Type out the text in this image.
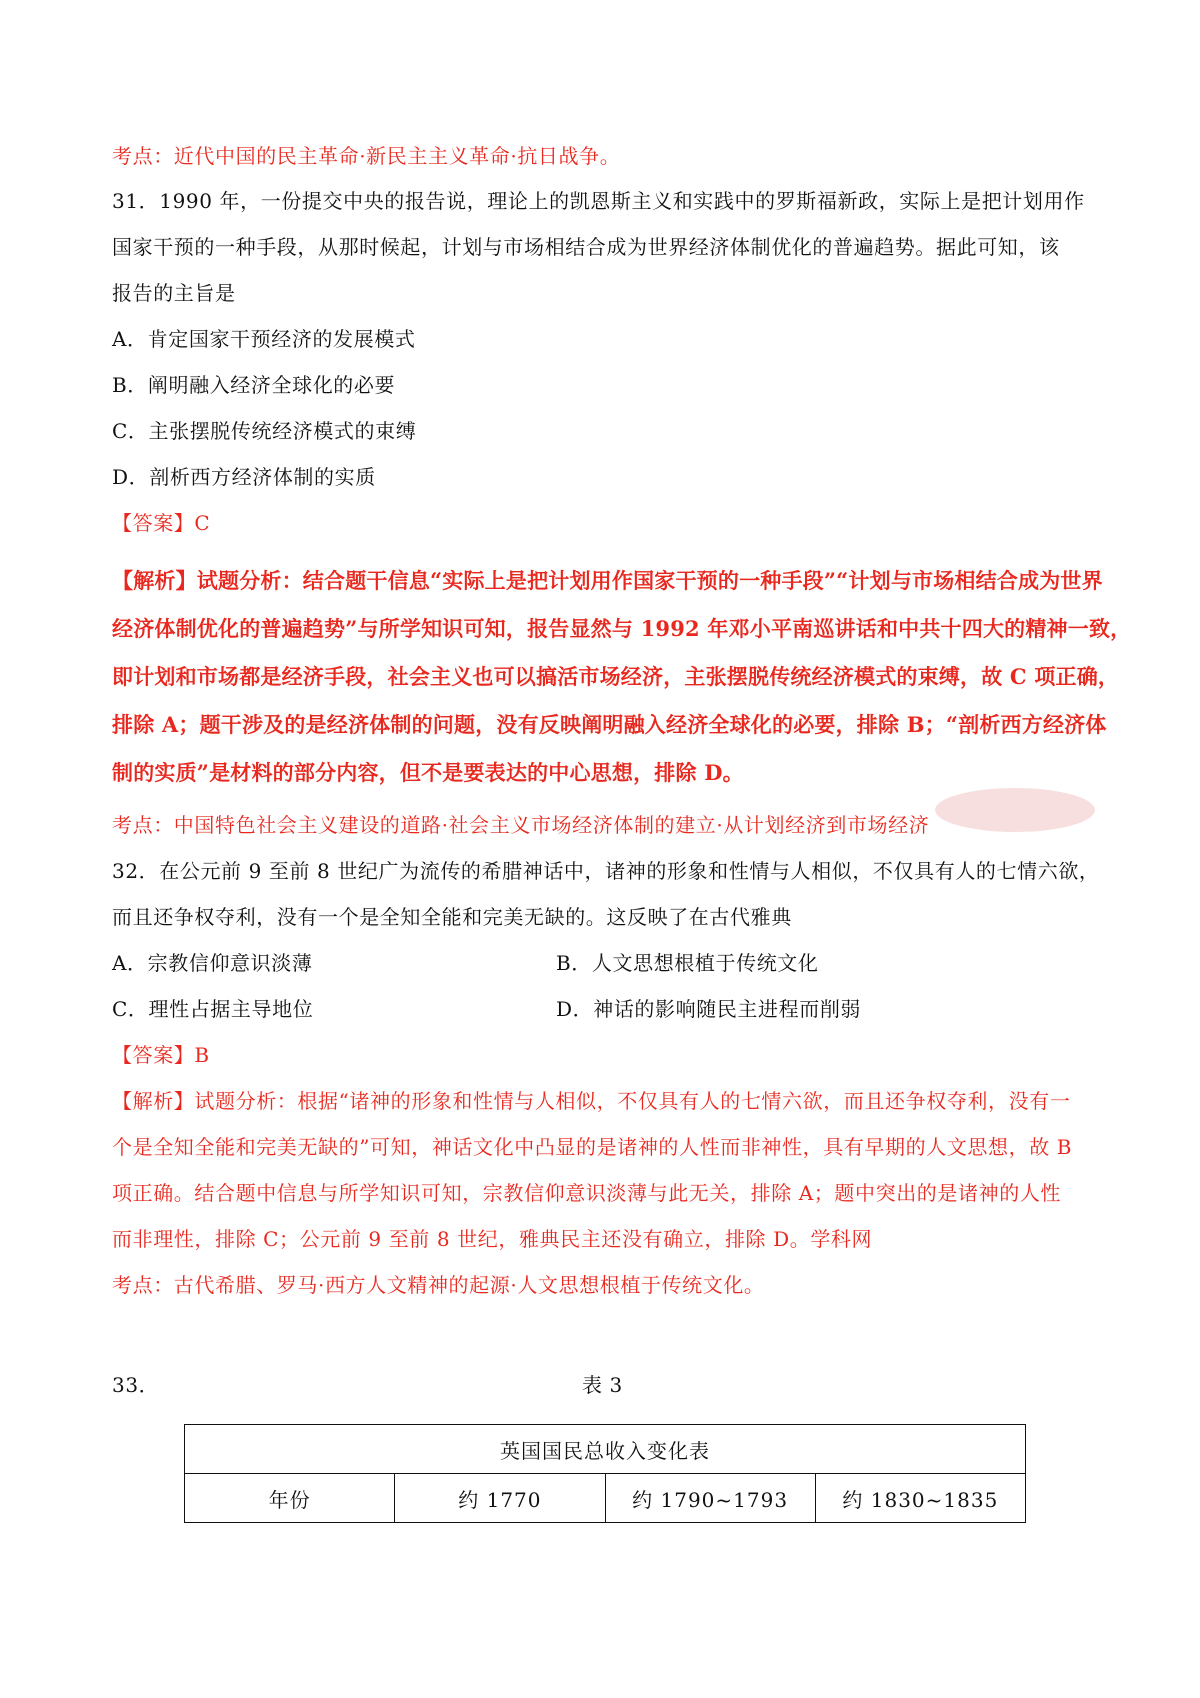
考点：近代中国的民主革命·新民主主义革命·抗日战争。
31．1990 年，一份提交中央的报告说，理论上的凯恩斯主义和实践中的罗斯福新政，实际上是把计划用作
国家干预的一种手段，从那时候起，计划与市场相结合成为世界经济体制优化的普遍趋势。据此可知，该
报告的主旨是
A．肯定国家干预经济的发展模式
B．阐明融入经济全球化的必要
C．主张摆脱传统经济模式的束缚
D．剖析西方经济体制的实质
【答案】C
【解析】试题分析：结合题干信息“实际上是把计划用作国家干预的一种手段”“计划与市场相结合成为世界
经济体制优化的普遍趋势”与所学知识可知，报告显然与 1992 年邓小平南巡讲话和中共十四大的精神一致，
即计划和市场都是经济手段，社会主义也可以搞活市场经济，主张摆脱传统经济模式的束缚，故 C 项正确，
排除 A；题干涉及的是经济体制的问题，没有反映阐明融入经济全球化的必要，排除 B；“剖析西方经济体
制的实质”是材料的部分内容，但不是要表达的中心思想，排除 D。
考点：中国特色社会主义建设的道路·社会主义市场经济体制的建立·从计划经济到市场经济
32．在公元前 9 至前 8 世纪广为流传的希腊神话中，诸神的形象和性情与人相似，不仅具有人的七情六欲，
而且还争权夺利，没有一个是全知全能和完美无缺的。这反映了在古代雅典
A．宗教信仰意识淡薄	B．人文思想根植于传统文化
C．理性占据主导地位	D．神话的影响随民主进程而削弱
【答案】B
【解析】试题分析：根据“诸神的形象和性情与人相似，不仅具有人的七情六欲，而且还争权夺利，没有一
个是全知全能和完美无缺的”可知，神话文化中凸显的是诸神的人性而非神性，具有早期的人文思想，故 B
项正确。结合题中信息与所学知识可知，宗教信仰意识淡薄与此无关，排除 A；题中突出的是诸神的人性
而非理性，排除 C；公元前 9 至前 8 世纪，雅典民主还没有确立，排除 D。学科网
考点：古代希腊、罗马·西方人文精神的起源·人文思想根植于传统文化。
33．	表 3
英国国民总收入变化表
年份	约 1770	约 1790~1793	约 1830~1835
